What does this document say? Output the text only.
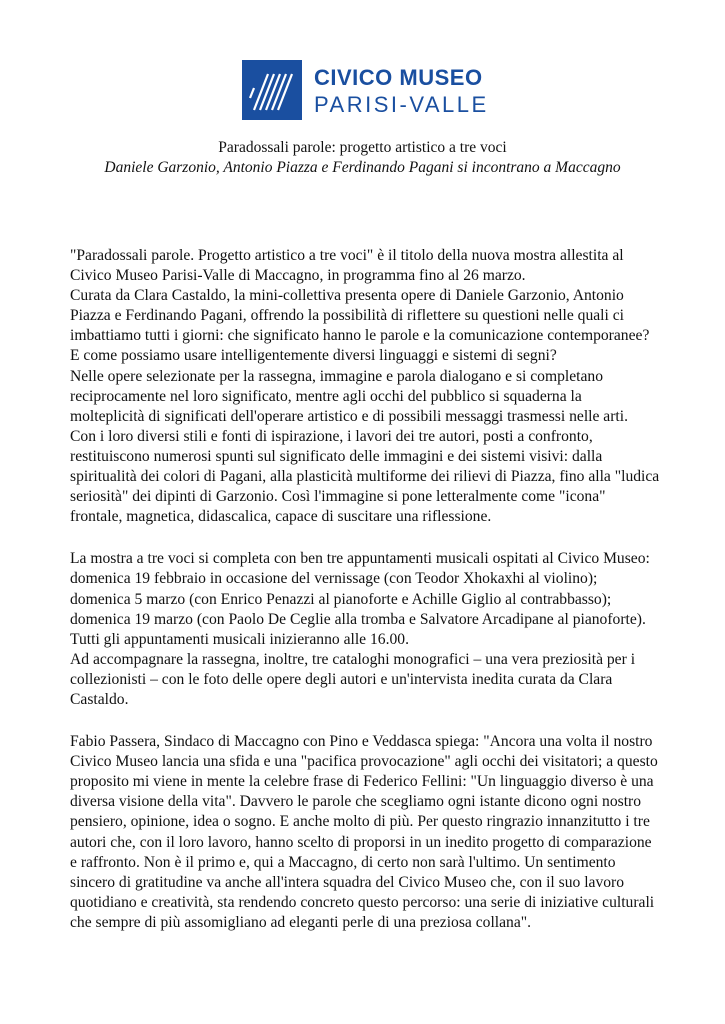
CIVICO MUSEO
PARISI-VALLE
Paradossali parole: progetto artistico a tre voci
Daniele Garzonio, Antonio Piazza e Ferdinando Pagani si incontrano a Maccagno

"Paradossali parole. Progetto artistico a tre voci" è il titolo della nuova mostra allestita al Civico Museo Parisi-Valle di Maccagno, in programma fino al 26 marzo.

Curata da Clara Castaldo, la mini-collettiva presenta opere di Daniele Garzonio, Antonio Piazza e Ferdinando Pagani, offrendo la possibilità di riflettere su questioni nelle quali ci imbattiamo tutti i giorni: che significato hanno le parole e la comunicazione contemporanee? E come possiamo usare intelligentemente diversi linguaggi e sistemi di segni?

Nelle opere selezionate per la rassegna, immagine e parola dialogano e si completano reciprocamente nel loro significato, mentre agli occhi del pubblico si squaderna la molteplicità di significati dell'operare artistico e di possibili messaggi trasmessi nelle arti.

Con i loro diversi stili e fonti di ispirazione, i lavori dei tre autori, posti a confronto, restituiscono numerosi spunti sul significato delle immagini e dei sistemi visivi: dalla spiritualità dei colori di Pagani, alla plasticità multiforme dei rilievi di Piazza, fino alla "ludica seriosità" dei dipinti di Garzonio. Così l'immagine si pone letteralmente come "icona" frontale, magnetica, didascalica, capace di suscitare una riflessione.

La mostra a tre voci si completa con ben tre appuntamenti musicali ospitati al Civico Museo: domenica 19 febbraio in occasione del vernissage (con Teodor Xhokaxhi al violino); domenica 5 marzo (con Enrico Penazzi al pianoforte e Achille Giglio al contrabbasso); domenica 19 marzo (con Paolo De Ceglie alla tromba e Salvatore Arcadipane al pianoforte). Tutti gli appuntamenti musicali inizieranno alle 16.00.

Ad accompagnare la rassegna, inoltre, tre cataloghi monografici – una vera preziosità per i collezionisti – con le foto delle opere degli autori e un'intervista inedita curata da Clara Castaldo.

Fabio Passera, Sindaco di Maccagno con Pino e Veddasca spiega: "Ancora una volta il nostro Civico Museo lancia una sfida e una "pacifica provocazione" agli occhi dei visitatori; a questo proposito mi viene in mente la celebre frase di Federico Fellini: "Un linguaggio diverso è una diversa visione della vita". Davvero le parole che scegliamo ogni istante dicono ogni nostro pensiero, opinione, idea o sogno. E anche molto di più. Per questo ringrazio innanzitutto i tre autori che, con il loro lavoro, hanno scelto di proporsi in un inedito progetto di comparazione e raffronto. Non è il primo e, qui a Maccagno, di certo non sarà l'ultimo. Un sentimento sincero di gratitudine va anche all'intera squadra del Civico Museo che, con il suo lavoro quotidiano e creatività, sta rendendo concreto questo percorso: una serie di iniziative culturali che sempre di più assomigliano ad eleganti perle di una preziosa collana".
